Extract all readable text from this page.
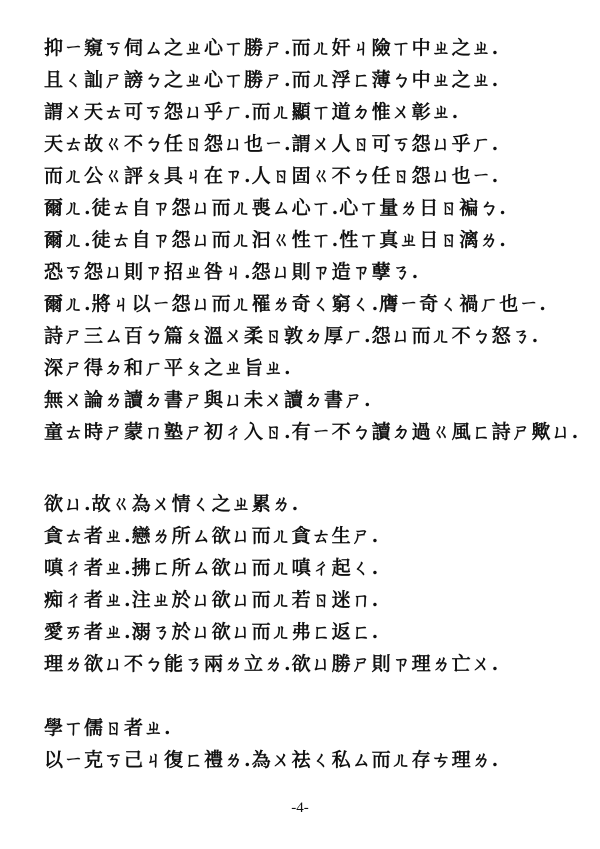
抑ㄧ窺ㄎ伺ㄙ之ㄓ心ㄒ勝ㄕ.而ㄦ奸ㄐ險ㄒ中ㄓ之ㄓ.
且ㄑ訕ㄕ謗ㄅ之ㄓ心ㄒ勝ㄕ.而ㄦ浮ㄈ薄ㄅ中ㄓ之ㄓ.
謂ㄨ天ㄊ可ㄎ怨ㄩ乎ㄏ.而ㄦ顯ㄒ道ㄉ惟ㄨ彰ㄓ.
天ㄊ故ㄍ不ㄅ任ㄖ怨ㄩ也ㄧ.謂ㄨ人ㄖ可ㄎ怨ㄩ乎ㄏ.
而ㄦ公ㄍ評ㄆ具ㄐ在ㄗ.人ㄖ固ㄍ不ㄅ任ㄖ怨ㄩ也ㄧ.
爾ㄦ.徒ㄊ自ㄗ怨ㄩ而ㄦ喪ㄙ心ㄒ.心ㄒ量ㄌ日ㄖ褊ㄅ.
爾ㄦ.徒ㄊ自ㄗ怨ㄩ而ㄦ汩ㄍ性ㄒ.性ㄒ真ㄓ日ㄖ漓ㄌ.
恐ㄎ怨ㄩ則ㄗ招ㄓ咎ㄐ.怨ㄩ則ㄗ造ㄗ孽ㄋ.
爾ㄦ.將ㄐ以ㄧ怨ㄩ而ㄦ罹ㄌ奇ㄑ窮ㄑ.膺ㄧ奇ㄑ禍ㄏ也ㄧ.
詩ㄕ三ㄙ百ㄅ篇ㄆ溫ㄨ柔ㄖ敦ㄉ厚ㄏ.怨ㄩ而ㄦ不ㄅ怒ㄋ.
深ㄕ得ㄉ和ㄏ平ㄆ之ㄓ旨ㄓ.
無ㄨ論ㄌ讀ㄉ書ㄕ與ㄩ未ㄨ讀ㄉ書ㄕ.
童ㄊ時ㄕ蒙ㄇ塾ㄕ初ㄔ入ㄖ.有ㄧ不ㄅ讀ㄉ過ㄍ風ㄈ詩ㄕ歟ㄩ.
欲ㄩ.故ㄍ為ㄨ情ㄑ之ㄓ累ㄌ.
貪ㄊ者ㄓ.戀ㄌ所ㄙ欲ㄩ而ㄦ貪ㄊ生ㄕ.
嗔ㄔ者ㄓ.拂ㄈ所ㄙ欲ㄩ而ㄦ嗔ㄔ起ㄑ.
痴ㄔ者ㄓ.注ㄓ於ㄩ欲ㄩ而ㄦ若ㄖ迷ㄇ.
愛ㄞ者ㄓ.溺ㄋ於ㄩ欲ㄩ而ㄦ弗ㄈ返ㄈ.
理ㄌ欲ㄩ不ㄅ能ㄋ兩ㄌ立ㄌ.欲ㄩ勝ㄕ則ㄗ理ㄌ亡ㄨ.
學ㄒ儒ㄖ者ㄓ.
以ㄧ克ㄎ己ㄐ復ㄈ禮ㄌ.為ㄨ祛ㄑ私ㄙ而ㄦ存ㄘ理ㄌ.
-4-
